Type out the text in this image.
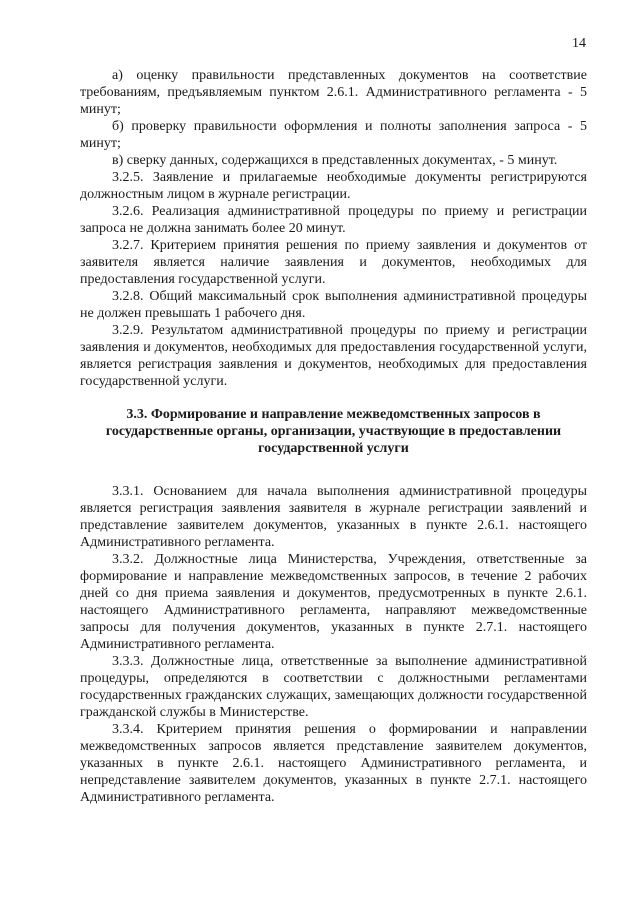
14

а) оценку правильности представленных документов на соответствие требованиям, предъявляемым пунктом 2.6.1. Административного регламента - 5 минут;

б) проверку правильности оформления и полноты заполнения запроса - 5 минут;

в) сверку данных, содержащихся в представленных документах, - 5 минут.

3.2.5. Заявление и прилагаемые необходимые документы регистрируются должностным лицом в журнале регистрации.

3.2.6. Реализация административной процедуры по приему и регистрации запроса не должна занимать более 20 минут.

3.2.7. Критерием принятия решения по приему заявления и документов от заявителя является наличие заявления и документов, необходимых для предоставления государственной услуги.

3.2.8. Общий максимальный срок выполнения административной процедуры не должен превышать 1 рабочего дня.

3.2.9. Результатом административной процедуры по приему и регистрации заявления и документов, необходимых для предоставления государственной услуги, является регистрация заявления и документов, необходимых для предоставления государственной услуги.

3.3. Формирование и направление межведомственных запросов в государственные органы, организации, участвующие в предоставлении государственной услуги

3.3.1. Основанием для начала выполнения административной процедуры является регистрация заявления заявителя в журнале регистрации заявлений и представление заявителем документов, указанных в пункте 2.6.1. настоящего Административного регламента.

3.3.2. Должностные лица Министерства, Учреждения, ответственные за формирование и направление межведомственных запросов, в течение 2 рабочих дней со дня приема заявления и документов, предусмотренных в пункте 2.6.1. настоящего Административного регламента, направляют межведомственные запросы для получения документов, указанных в пункте 2.7.1. настоящего Административного регламента.

3.3.3. Должностные лица, ответственные за выполнение административной процедуры, определяются в соответствии с должностными регламентами государственных гражданских служащих, замещающих должности государственной гражданской службы в Министерстве.

3.3.4. Критерием принятия решения о формировании и направлении межведомственных запросов является представление заявителем документов, указанных в пункте 2.6.1. настоящего Административного регламента, и непредставление заявителем документов, указанных в пункте 2.7.1. настоящего Административного регламента.
